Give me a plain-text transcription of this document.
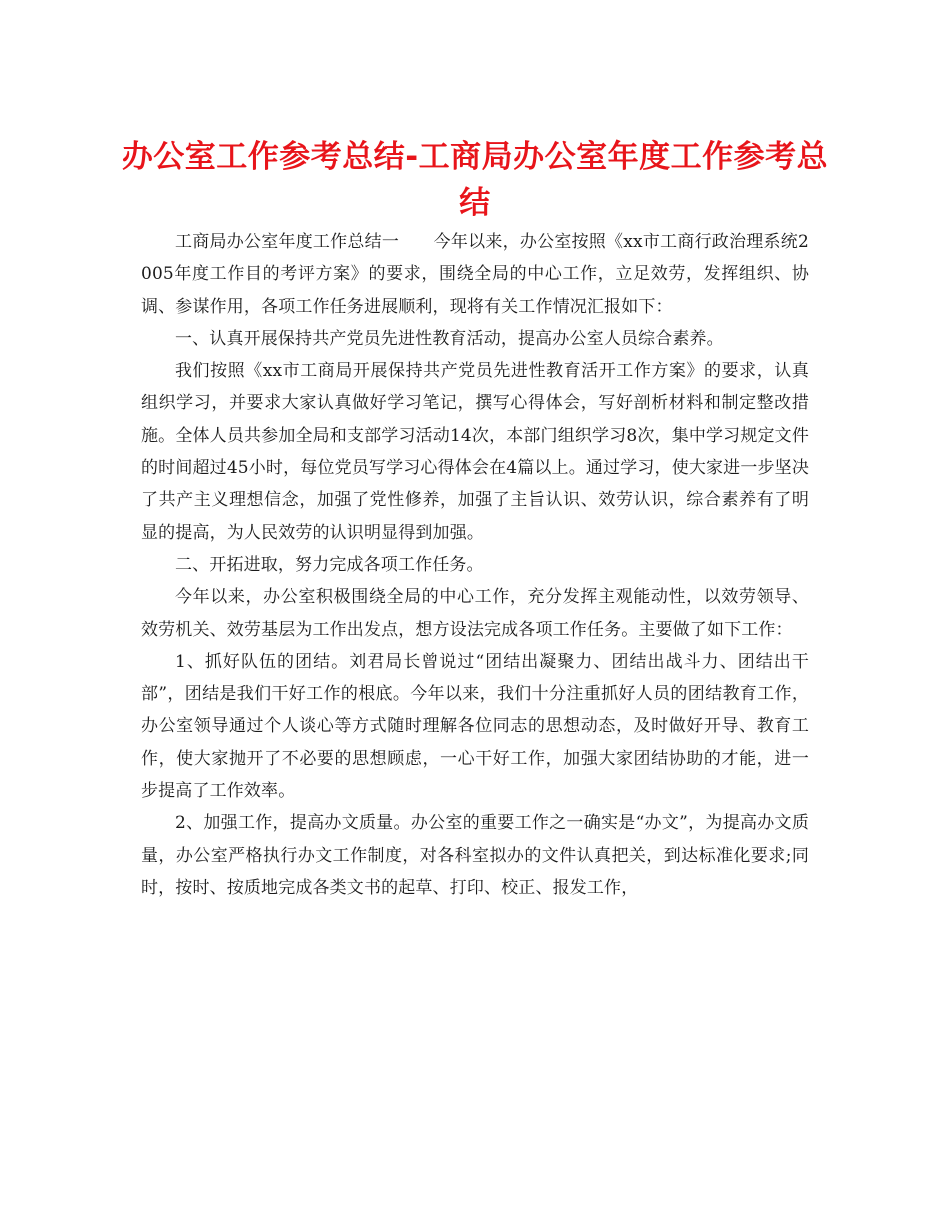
办公室工作参考总结-工商局办公室年度工作参考总结

工商局办公室年度工作总结一　　今年以来，办公室按照《xx市工商行政治理系统2005年度工作目的考评方案》的要求，围绕全局的中心工作，立足效劳，发挥组织、协调、参谋作用，各项工作任务进展顺利，现将有关工作情况汇报如下：

一、认真开展保持共产党员先进性教育活动，提高办公室人员综合素养。

我们按照《xx市工商局开展保持共产党员先进性教育活开工作方案》的要求，认真组织学习，并要求大家认真做好学习笔记，撰写心得体会，写好剖析材料和制定整改措施。全体人员共参加全局和支部学习活动14次，本部门组织学习8次，集中学习规定文件的时间超过45小时，每位党员写学习心得体会在4篇以上。通过学习，使大家进一步坚决了共产主义理想信念，加强了党性修养，加强了主旨认识、效劳认识，综合素养有了明显的提高，为人民效劳的认识明显得到加强。

二、开拓进取，努力完成各项工作任务。

今年以来，办公室积极围绕全局的中心工作，充分发挥主观能动性，以效劳领导、效劳机关、效劳基层为工作出发点，想方设法完成各项工作任务。主要做了如下工作：

1、抓好队伍的团结。刘君局长曾说过“团结出凝聚力、团结出战斗力、团结出干部”，团结是我们干好工作的根底。今年以来，我们十分注重抓好人员的团结教育工作，办公室领导通过个人谈心等方式随时理解各位同志的思想动态，及时做好开导、教育工作，使大家抛开了不必要的思想顾虑，一心干好工作，加强大家团结协助的才能，进一步提高了工作效率。

2、加强工作，提高办文质量。办公室的重要工作之一确实是“办文”，为提高办文质量，办公室严格执行办文工作制度，对各科室拟办的文件认真把关，到达标准化要求;同时，按时、按质地完成各类文书的起草、打印、校正、报发工作，
